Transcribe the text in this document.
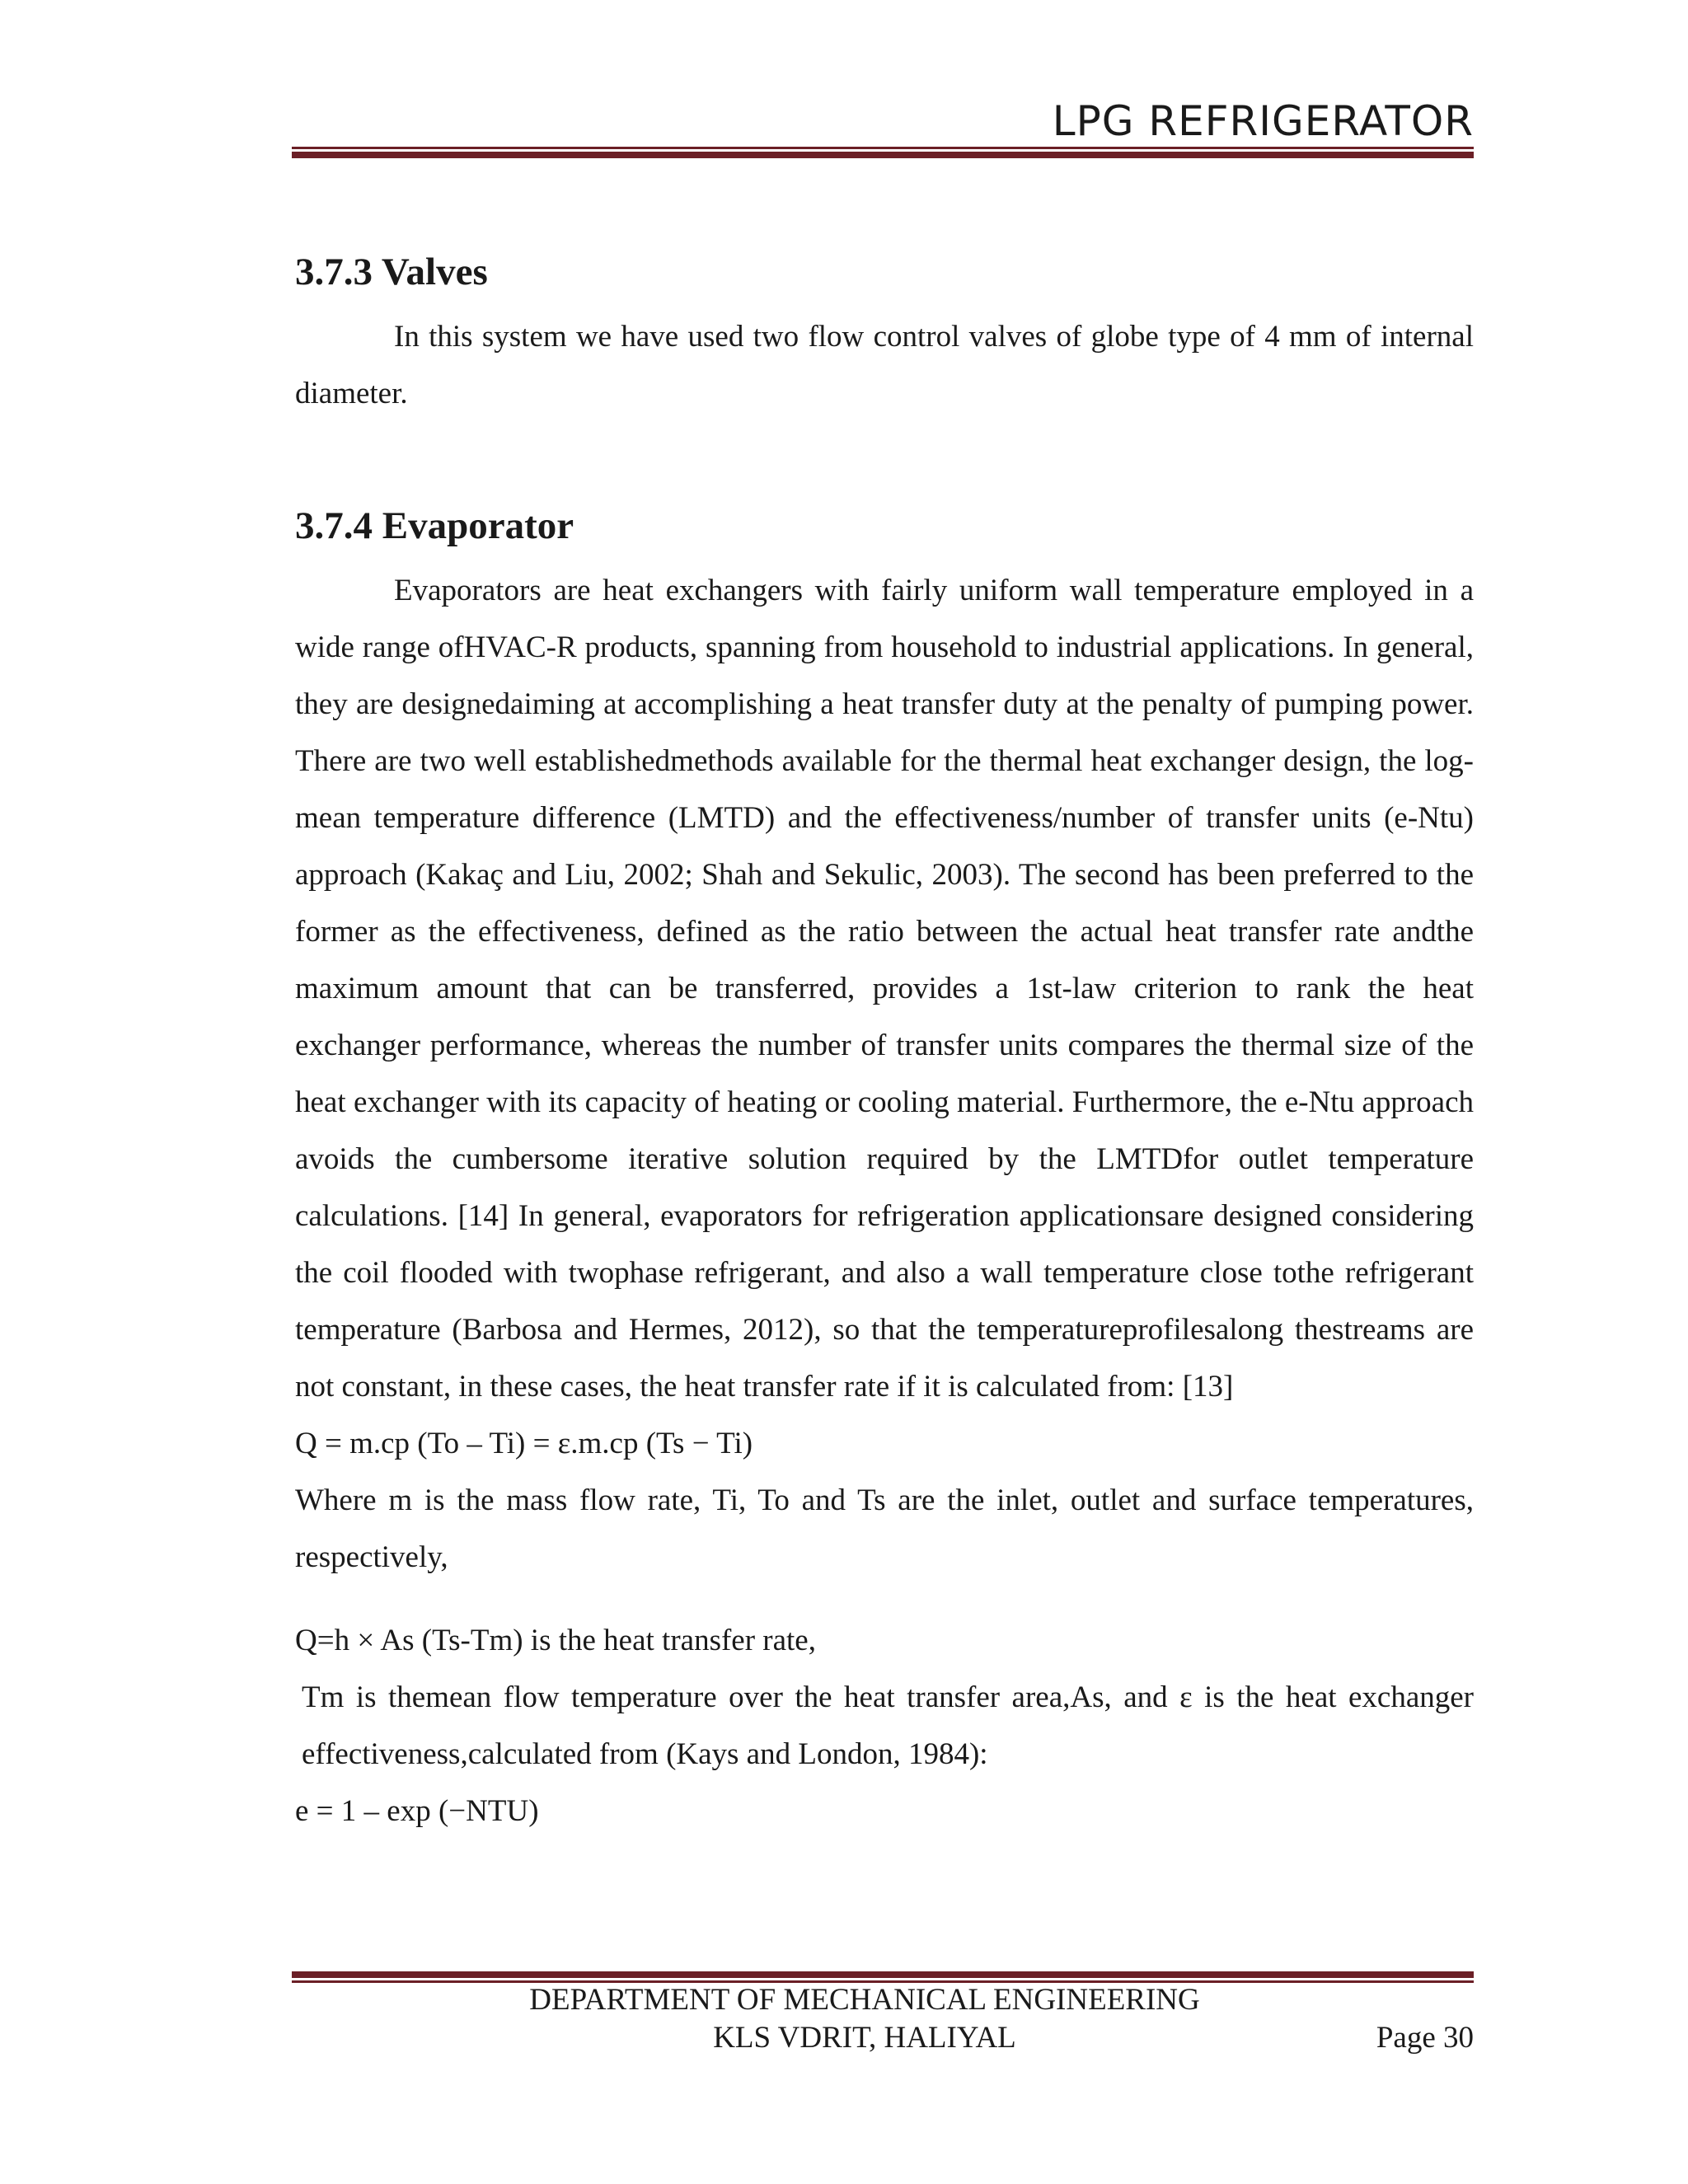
LPG REFRIGERATOR
3.7.3 Valves

In this system we have used two flow control valves of globe type of 4 mm of internal diameter.

3.7.4 Evaporator

Evaporators are heat exchangers with fairly uniform wall temperature employed in a wide range ofHVAC-R products, spanning from household to industrial applications. In general, they are designedaiming at accomplishing a heat transfer duty at the penalty of pumping power. There are two well establishedmethods available for the thermal heat exchanger design, the log-mean temperature difference (LMTD) and the effectiveness/number of transfer units (e-Ntu) approach (Kakaç and Liu, 2002; Shah and Sekulic, 2003). The second has been preferred to the former as the effectiveness, defined as the ratio between the actual heat transfer rate andthe maximum amount that can be transferred, provides a 1st-law criterion to rank the heat exchanger performance, whereas the number of transfer units compares the thermal size of the heat exchanger with its capacity of heating or cooling material. Furthermore, the e-Ntu approach avoids the cumbersome iterative solution required by the LMTDfor outlet temperature calculations. [14] In general, evaporators for refrigeration applicationsare designed considering the coil flooded with twophase refrigerant, and also a wall temperature close tothe refrigerant temperature (Barbosa and Hermes, 2012), so that the temperatureprofilesalong thestreams are not constant, in these cases, the heat transfer rate if it is calculated from: [13]

Q = m.cp (To – Ti) = ε.m.cp (Ts − Ti)

Where m is the mass flow rate, Ti, To and Ts are the inlet, outlet and surface temperatures, respectively,

Q=h × As (Ts-Tm) is the heat transfer rate,

Tm is themean flow temperature over the heat transfer area,As, and ε is the heat exchanger effectiveness,calculated from (Kays and London, 1984):

e = 1 – exp (−NTU)

DEPARTMENT OF MECHANICAL ENGINEERING
KLS VDRIT, HALIYAL	Page 30
